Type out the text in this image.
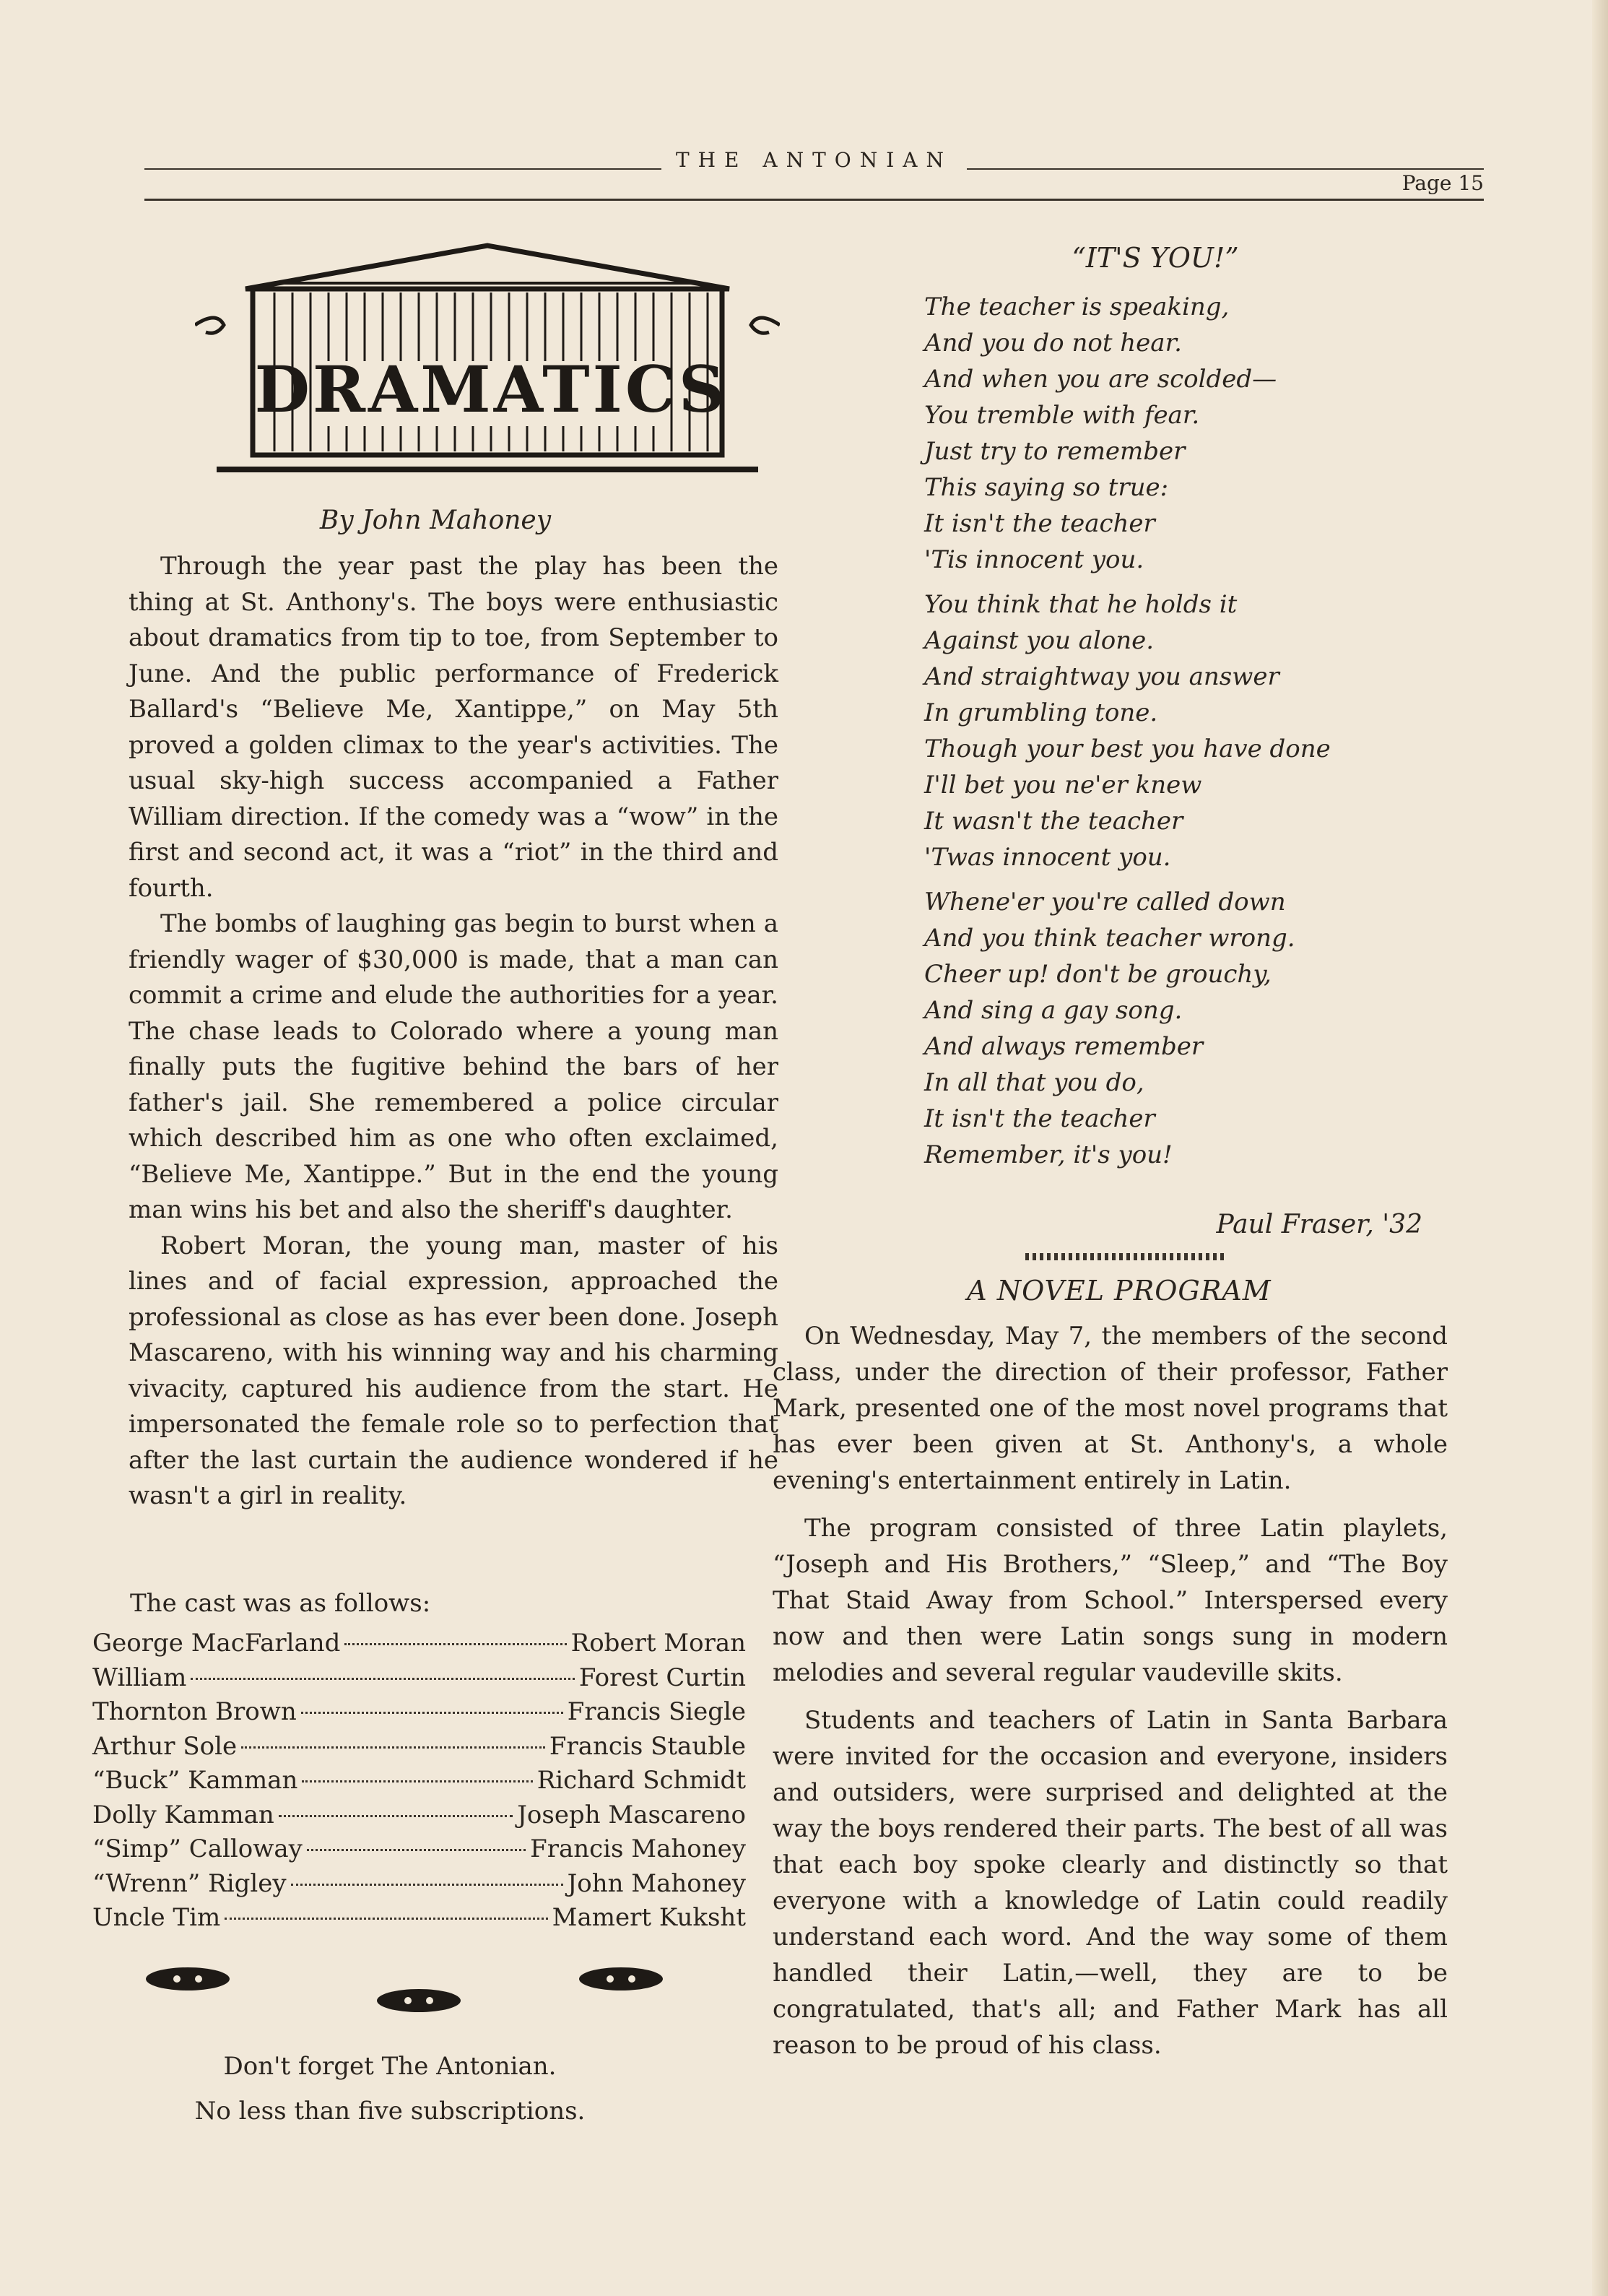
THE ANTONIAN
Page 15
DRAMATICS
By John Mahoney

Through the year past the play has been the thing at St. Anthony's. The boys were enthusiastic about dramatics from tip to toe, from September to June. And the public performance of Frederick Ballard's “Believe Me, Xantippe,” on May 5th proved a golden climax to the year's activities. The usual sky-high success accompanied a Father William direction. If the comedy was a “wow” in the first and second act, it was a “riot” in the third and fourth.

The bombs of laughing gas begin to burst when a friendly wager of $30,000 is made, that a man can commit a crime and elude the authorities for a year. The chase leads to Colorado where a young man finally puts the fugitive behind the bars of her father's jail. She remembered a police circular which described him as one who often exclaimed, “Believe Me, Xantippe.” But in the end the young man wins his bet and also the sheriff's daughter.

Robert Moran, the young man, master of his lines and of facial expression, approached the professional as close as has ever been done. Joseph Mascareno, with his winning way and his charming vivacity, captured his audience from the start. He impersonated the female role so to perfection that after the last curtain the audience wondered if he wasn't a girl in reality.

The cast was as follows:
George MacFarland	Robert Moran
William	Forest Curtin
Thornton Brown	Francis Siegle
Arthur Sole	Francis Stauble
“Buck” Kamman	Richard Schmidt
Dolly Kamman	Joseph Mascareno
“Simp” Calloway	Francis Mahoney
“Wrenn” Rigley	John Mahoney
Uncle Tim	Mamert Kuksht
Don't forget The Antonian.
No less than five subscriptions.
“IT'S YOU!”
The teacher is speaking,
And you do not hear.
And when you are scolded—
You tremble with fear.
Just try to remember
This saying so true:
It isn't the teacher
'Tis innocent you.
You think that he holds it
Against you alone.
And straightway you answer
In grumbling tone.
Though your best you have done
I'll bet you ne'er knew
It wasn't the teacher
'Twas innocent you.
Whene'er you're called down
And you think teacher wrong.
Cheer up! don't be grouchy,
And sing a gay song.
And always remember
In all that you do,
It isn't the teacher
Remember, it's you!
Paul Fraser, '32
A NOVEL PROGRAM

On Wednesday, May 7, the members of the second class, under the direction of their professor, Father Mark, presented one of the most novel programs that has ever been given at St. Anthony's, a whole evening's entertainment entirely in Latin.

The program consisted of three Latin playlets, “Joseph and His Brothers,” “Sleep,” and “The Boy That Staid Away from School.” Interspersed every now and then were Latin songs sung in modern melodies and several regular vaudeville skits.

Students and teachers of Latin in Santa Barbara were invited for the occasion and everyone, insiders and outsiders, were surprised and delighted at the way the boys rendered their parts. The best of all was that each boy spoke clearly and distinctly so that everyone with a knowledge of Latin could readily understand each word. And the way some of them handled their Latin,—well, they are to be congratulated, that's all; and Father Mark has all reason to be proud of his class.
